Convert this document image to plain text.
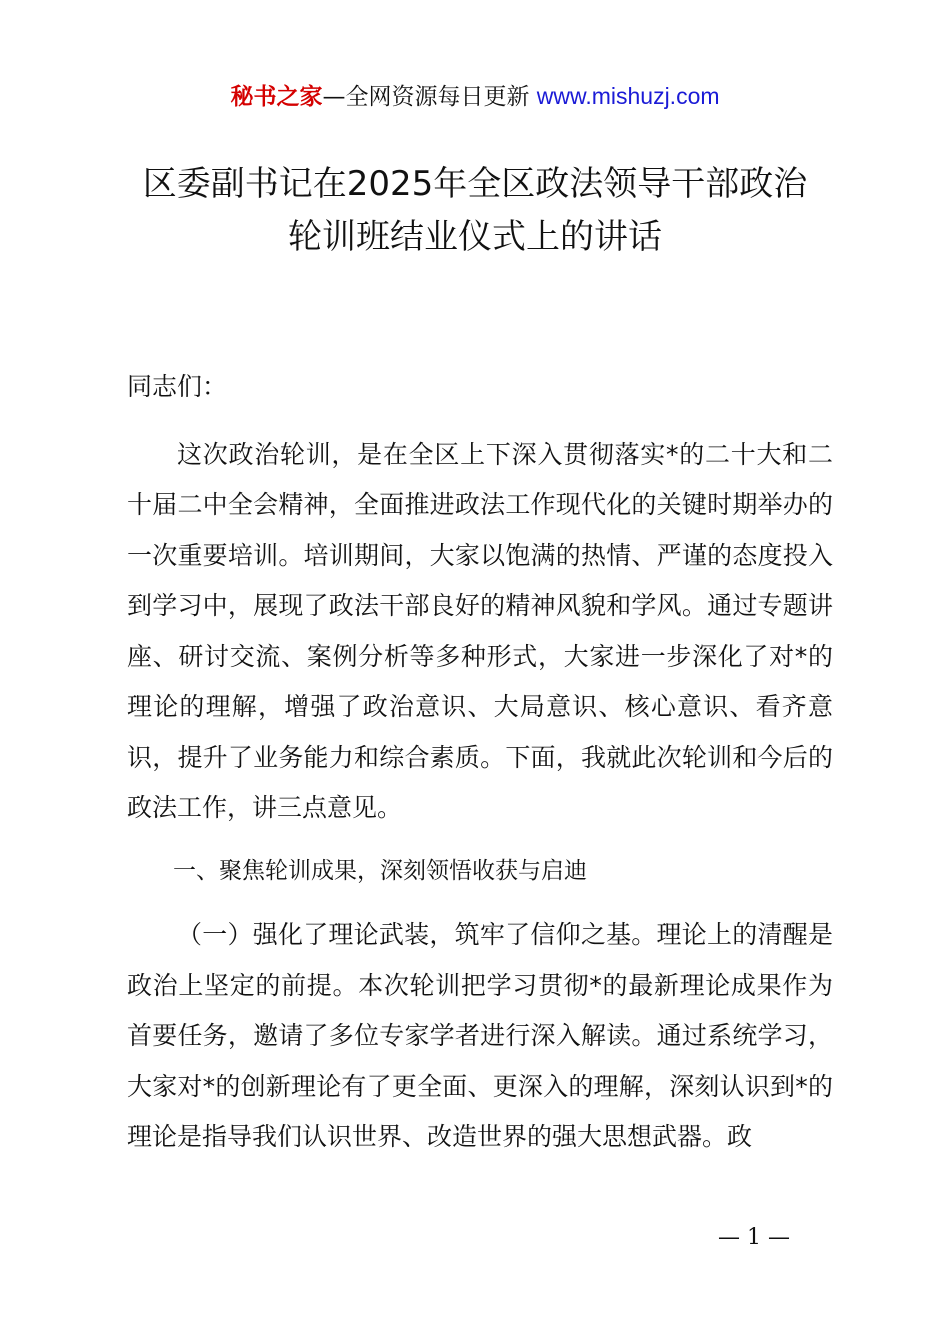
秘书之家—全网资源每日更新 www.mishuzj.com
区委副书记在2025年全区政法领导干部政治
轮训班结业仪式上的讲话

同志们：

这次政治轮训，是在全区上下深入贯彻落实*的二十大和二十届二中全会精神，全面推进政法工作现代化的关键时期举办的一次重要培训。培训期间，大家以饱满的热情、严谨的态度投入到学习中，展现了政法干部良好的精神风貌和学风。通过专题讲座、研讨交流、案例分析等多种形式，大家进一步深化了对*的理论的理解，增强了政治意识、大局意识、核心意识、看齐意识，提升了业务能力和综合素质。下面，我就此次轮训和今后的政法工作，讲三点意见。

一、聚焦轮训成果，深刻领悟收获与启迪

（一）强化了理论武装，筑牢了信仰之基。理论上的清醒是政治上坚定的前提。本次轮训把学习贯彻*的最新理论成果作为首要任务，邀请了多位专家学者进行深入解读。通过系统学习，大家对*的创新理论有了更全面、更深入的理解，深刻认识到*的理论是指导我们认识世界、改造世界的强大思想武器。政

— 1 —
